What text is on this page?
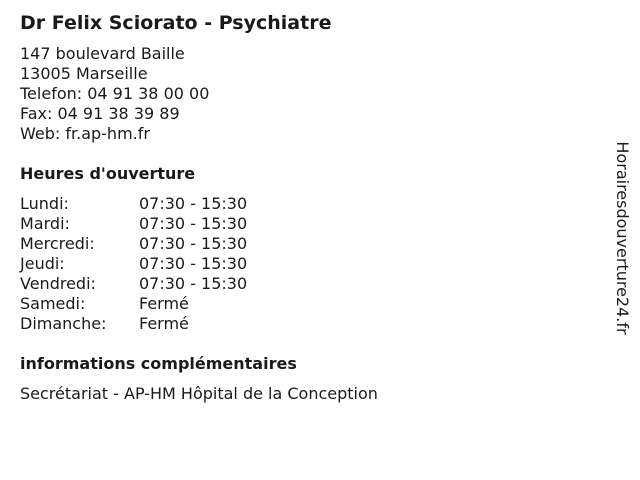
Dr Felix Sciorato - Psychiatre
147 boulevard Baille
13005 Marseille
Telefon: 04 91 38 00 00
Fax: 04 91 38 39 89
Web: fr.ap-hm.fr
Heures d'ouverture
Lundi:	07:30 - 15:30
Mardi:	07:30 - 15:30
Mercredi:	07:30 - 15:30
Jeudi:	07:30 - 15:30
Vendredi:	07:30 - 15:30
Samedi:	Fermé
Dimanche:	Fermé
informations complémentaires
Secrétariat - AP-HM Hôpital de la Conception
Horairesdouverture24.fr
